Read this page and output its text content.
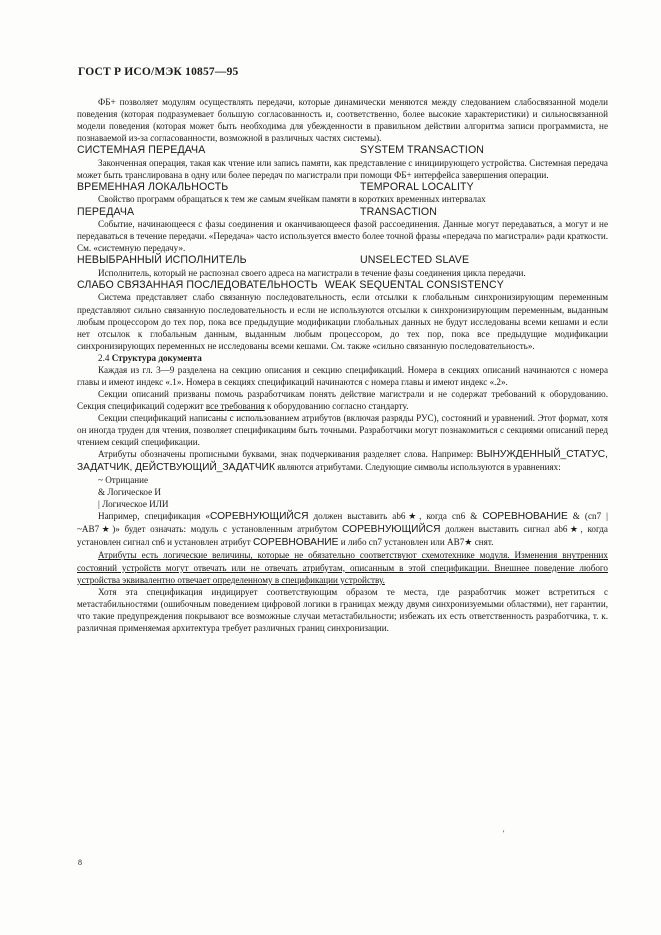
ГОСТ Р ИСО/МЭК 10857—95

ФБ+ позволяет модулям осуществлять передачи, которые динамически меняются между следованием слабосвязанной модели поведения (которая подразумевает большую согласованность и, соответственно, более высокие характеристики) и сильносвязанной модели поведения (которая может быть необходима для убежденности в правильном действии алгоритма записи программиста, не познаваемой из-за согласованности, возможной в различных частях системы).

СИСТЕМНАЯ ПЕРЕДАЧА	SYSTEM TRANSACTION

Законченная операция, такая как чтение или запись памяти, как представление с инициирующего устройства. Системная передача может быть транслирована в одну или более передач по магистрали при помощи ФБ+ интерфейса завершения операции.

ВРЕМЕННАЯ ЛОКАЛЬНОСТЬ	TEMPORAL LOCALITY

Свойство программ обращаться к тем же самым ячейкам памяти в коротких временных интервалах

ПЕРЕДАЧА	TRANSACTION

Событие, начинающееся с фазы соединения и оканчивающееся фазой рассоединения. Данные могут передаваться, а могут и не передаваться в течение передачи. «Передача» часто используется вместо более точной фразы «передача по магистрали» ради краткости. См. «системную передачу».

НЕВЫБРАННЫЙ ИСПОЛНИТЕЛЬ	UNSELECTED SLAVE

Исполнитель, который не распознал своего адреса на магистрали в течение фазы соединения цикла передачи.

СЛАБО СВЯЗАННАЯ ПОСЛЕДОВАТЕЛЬНОСТЬ WEAK SEQUENTAL CONSISTENCY

Система представляет слабо связанную последовательность, если отсылки к глобальным синхронизирующим переменным представляют сильно связанную последовательность и если не используются отсылки к синхронизирующим переменным, выданным любым процессором до тех пор, пока все предыдущие модификации глобальных данных не будут исследованы всеми кешами и если нет отсылок к глобальным данным, выданным любым процессором, до тех пор, пока все предыдущие модификации синхронизирующих переменных не исследованы всеми кешами. См. также «сильно связанную последовательность».

2.4 Структура документа

Каждая из гл. 3—9 разделена на секцию описания и секцию спецификаций. Номера в секциях описаний начинаются с номера главы и имеют индекс «.1». Номера в секциях спецификаций начинаются с номера главы и имеют индекс «.2».

Секции описаний призваны помочь разработчикам понять действие магистрали и не содержат требований к оборудованию. Секция спецификаций содержит все требования к оборудованию согласно стандарту.

Секции спецификаций написаны с использованием атрибутов (включая разряды РУС), состояний и уравнений. Этот формат, хотя он иногда труден для чтения, позволяет спецификациям быть точными. Разработчики могут познакомиться с секциями описаний перед чтением секций спецификации.

Атрибуты обозначены прописными буквами, знак подчеркивания разделяет слова. Например: ВЫНУЖДЕННЫЙ_СТАТУС, ЗАДАТЧИК, ДЕЙСТВУЮЩИЙ_ЗАДАТЧИК являются атрибутами. Следующие символы используются в уравнениях:

~ Отрицание
& Логическое И
| Логическое ИЛИ

Например, спецификация «СОРЕВНУЮЩИЙСЯ должен выставить ab6★, когда cn6 & СОРЕВНОВАНИЕ & (cn7 | ~AB7★)» будет означать: модуль с установленным атрибутом СОРЕВНУЮЩИЙСЯ должен выставить сигнал ab6★, когда установлен сигнал cn6 и установлен атрибут СОРЕВНОВАНИЕ и либо cn7 установлен или AB7★ снят.

Атрибуты есть логические величины, которые не обязательно соответствуют схемотехнике модуля. Изменения внутренних состояний устройств могут отвечать или не отвечать атрибутам, описанным в этой спецификации. Внешнее поведение любого устройства эквивалентно отвечает определенному в спецификации устройству.

Хотя эта спецификация индицирует соответствующим образом те места, где разработчик может встретиться с метастабильностями (ошибочным поведением цифровой логики в границах между двумя синхронизуемыми областями), нет гарантии, что такие предупреждения покрывают все возможные случаи метастабильности; избежать их есть ответственность разработчика, т. к. различная применяемая архитектура требует различных границ синхронизации.

'
8
